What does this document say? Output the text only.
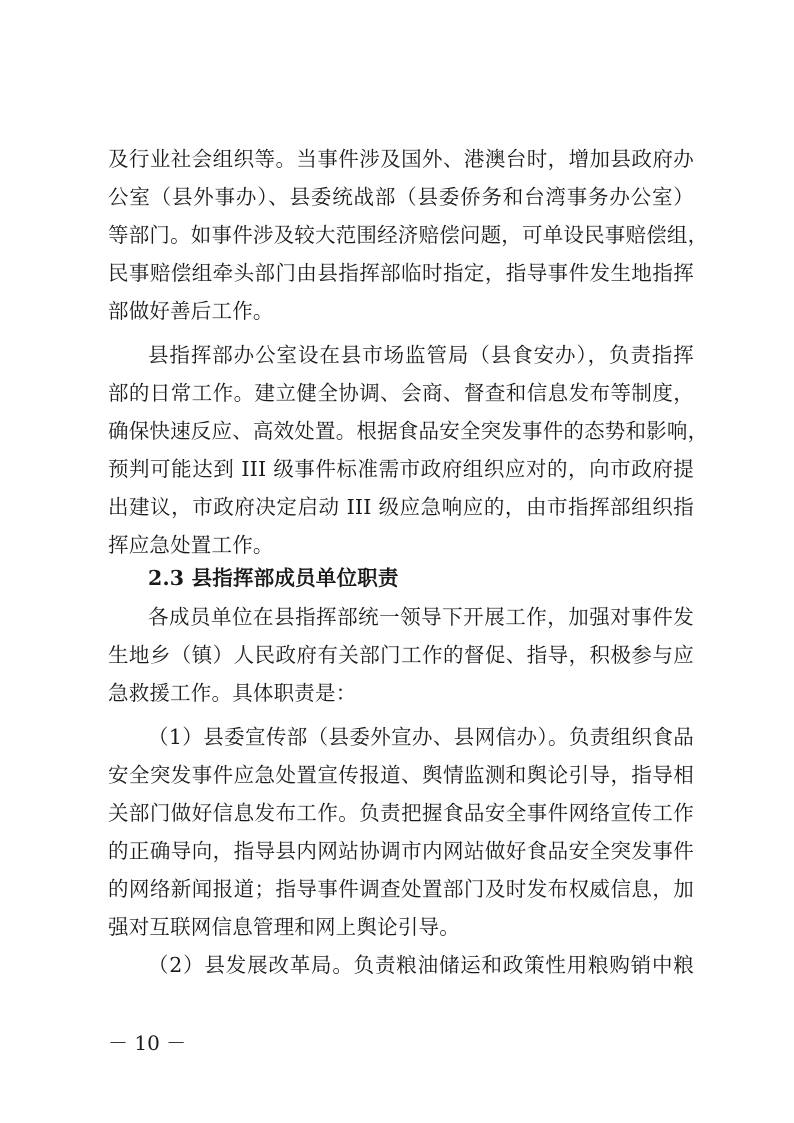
及行业社会组织等。当事件涉及国外、港澳台时，增加县政府办
公室（县外事办）、县委统战部（县委侨务和台湾事务办公室）
等部门。如事件涉及较大范围经济赔偿问题，可单设民事赔偿组，
民事赔偿组牵头部门由县指挥部临时指定，指导事件发生地指挥
部做好善后工作。
县指挥部办公室设在县市场监管局（县食安办），负责指挥
部的日常工作。建立健全协调、会商、督查和信息发布等制度，
确保快速反应、高效处置。根据食品安全突发事件的态势和影响，
预判可能达到 III 级事件标准需市政府组织应对的，向市政府提
出建议，市政府决定启动 III 级应急响应的，由市指挥部组织指
挥应急处置工作。
2.3 县指挥部成员单位职责
各成员单位在县指挥部统一领导下开展工作，加强对事件发
生地乡（镇）人民政府有关部门工作的督促、指导，积极参与应
急救援工作。具体职责是：
（1）县委宣传部（县委外宣办、县网信办）。负责组织食品
安全突发事件应急处置宣传报道、舆情监测和舆论引导，指导相
关部门做好信息发布工作。负责把握食品安全事件网络宣传工作
的正确导向，指导县内网站协调市内网站做好食品安全突发事件
的网络新闻报道；指导事件调查处置部门及时发布权威信息，加
强对互联网信息管理和网上舆论引导。
（2）县发展改革局。负责粮油储运和政策性用粮购销中粮
－ 10 －
